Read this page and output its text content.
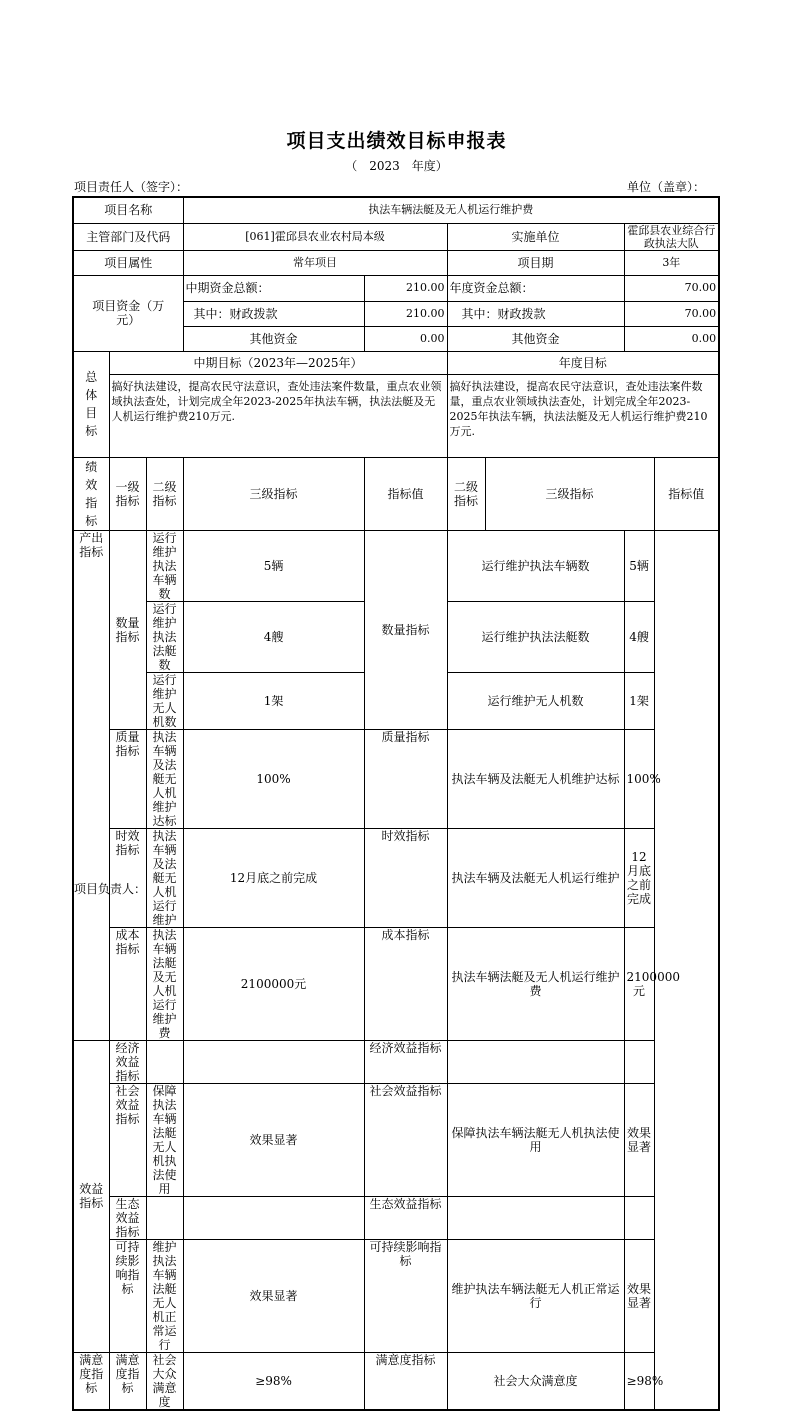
项目支出绩效目标申报表
（　2023　年度）
项目责任人（签字）：	单位（盖章）：
项目名称			执法车辆法艇及无人机运行维护费					
主管部门及代码			[061]霍邱县农业农村局本级		实施单位		霍邱县农业综合行政执法大队	
项目属性			常年项目		项目期		3年	
项目资金（万元）			中期资金总额：	210.00	年度资金总额：		70.00	
			其中：财政拨款	210.00	其中：财政拨款		70.00	
			其他资金	0.00	其他资金		0.00	
总体目标	中期目标（2023年—2025年）				年度目标			
	搞好执法建设，提高农民守法意识，查处违法案件数量，重点农业领域执法查处，计划完成全年2023-2025年执法车辆，执法法艇及无人机运行维护费210万元.				搞好执法建设，提高农民守法意识，查处违法案件数量，重点农业领域执法查处，计划完成全年2023-2025年执法车辆，执法法艇及无人机运行维护费210万元.			
绩效指标	一级指标	二级指标	三级指标	指标值	二级指标	三级指标		指标值
产出指标	数量指标	运行维护执法车辆数	5辆	数量指标	运行维护执法车辆数		5辆	
		运行维护执法法艇数	4艘		运行维护执法法艇数		4艘	
		运行维护无人机数	1架		运行维护无人机数		1架	
	质量指标	执法车辆及法艇无人机维护达标	100%	质量指标	执法车辆及法艇无人机维护达标		100%	
	时效指标	执法车辆及法艇无人机运行维护	12月底之前完成	时效指标	执法车辆及法艇无人机运行维护		12月底之前完成	
	成本指标	执法车辆法艇及无人机运行维护费	2100000元	成本指标	执法车辆法艇及无人机运行维护费		2100000元	
效益指标	经济效益指标			经济效益指标				
	社会效益指标	保障执法车辆法艇无人机执法使用	效果显著	社会效益指标	保障执法车辆法艇无人机执法使用		效果显著	
	生态效益指标			生态效益指标				
	可持续影响指标	维护执法车辆法艇无人机正常运行	效果显著	可持续影响指标	维护执法车辆法艇无人机正常运行		效果显著	
满意度指标	满意度指标	社会大众满意度	≥98%	满意度指标	社会大众满意度		≥98%	
项目负责人：
